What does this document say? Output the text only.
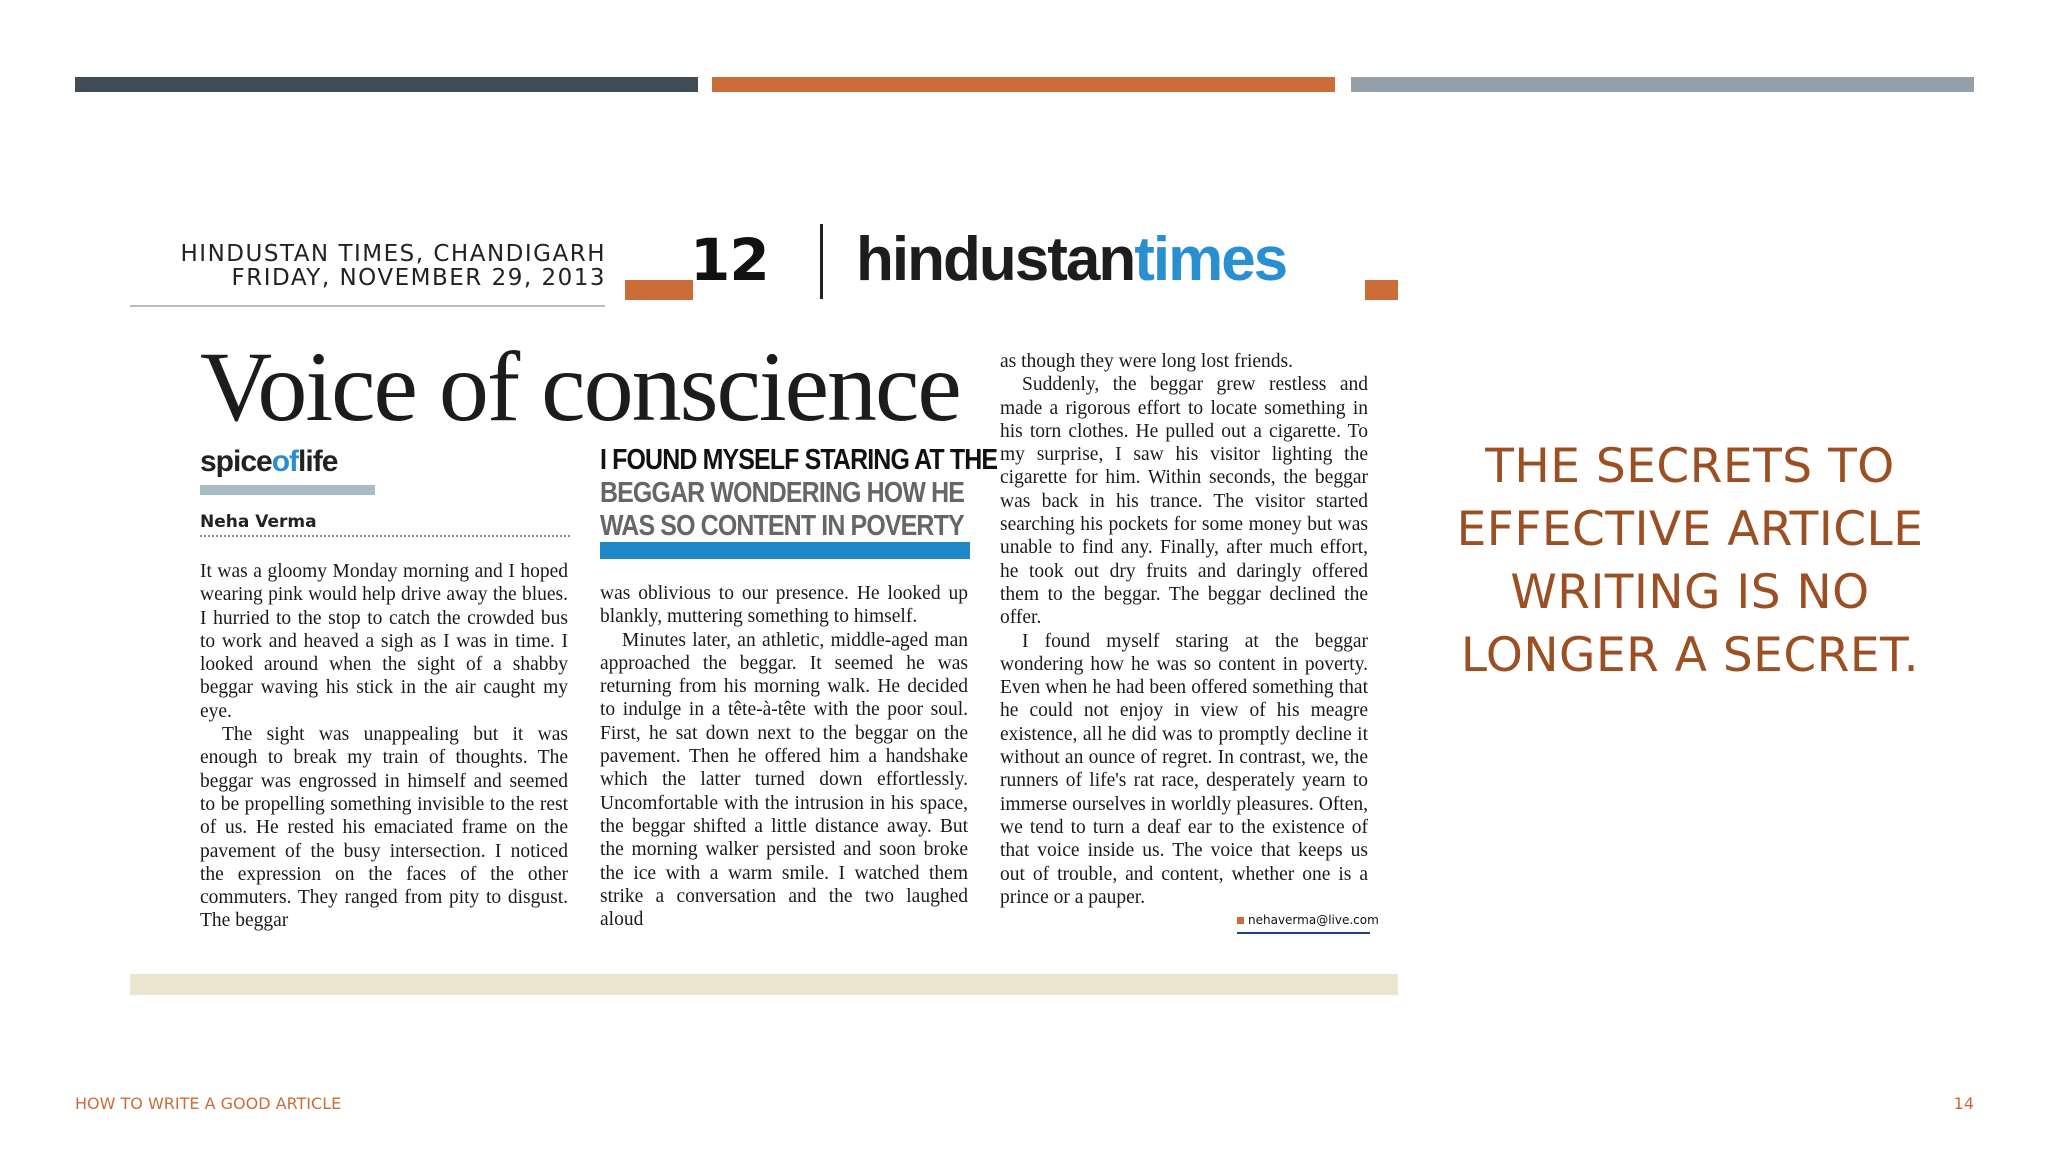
HINDUSTAN TIMES, CHANDIGARH
FRIDAY, NOVEMBER 29, 2013 12 hindustantimes
Voice of conscience
spiceoflife
Neha Verma
I FOUND MYSELF STARING AT THE
BEGGAR WONDERING HOW HE
WAS SO CONTENT IN POVERTY

It was a gloomy Monday morning and I hoped wearing pink would help drive away the blues. I hurried to the stop to catch the crowded bus to work and heaved a sigh as I was in time. I looked around when the sight of a shabby beggar waving his stick in the air caught my eye.

The sight was unappealing but it was enough to break my train of thoughts. The beggar was engrossed in himself and seemed to be propelling something invisible to the rest of us. He rested his emaciated frame on the pavement of the busy intersection. I noticed the expression on the faces of the other commuters. They ranged from pity to disgust. The beggar

was oblivious to our presence. He looked up blankly, muttering something to himself.

Minutes later, an athletic, middle-aged man approached the beggar. It seemed he was returning from his morning walk. He decided to indulge in a tête-à-tête with the poor soul. First, he sat down next to the beggar on the pavement. Then he offered him a handshake which the latter turned down effortlessly. Uncomfortable with the intrusion in his space, the beggar shifted a little distance away. But the morning walker persisted and soon broke the ice with a warm smile. I watched them strike a conversation and the two laughed aloud

as though they were long lost friends.

Suddenly, the beggar grew restless and made a rigorous effort to locate something in his torn clothes. He pulled out a cigarette. To my surprise, I saw his visitor lighting the cigarette for him. Within seconds, the beggar was back in his trance. The visitor started searching his pockets for some money but was unable to find any. Finally, after much effort, he took out dry fruits and daringly offered them to the beggar. The beggar declined the offer.

I found myself staring at the beggar wondering how he was so content in poverty. Even when he had been offered something that he could not enjoy in view of his meagre existence, all he did was to promptly decline it without an ounce of regret. In contrast, we, the runners of life's rat race, desperately yearn to immerse ourselves in worldly pleasures. Often, we tend to turn a deaf ear to the existence of that voice inside us. The voice that keeps us out of trouble, and content, whether one is a prince or a pauper.

nehaverma@live.com
THE SECRETS TO EFFECTIVE ARTICLE WRITING IS NO LONGER A SECRET.
HOW TO WRITE A GOOD ARTICLE	14
